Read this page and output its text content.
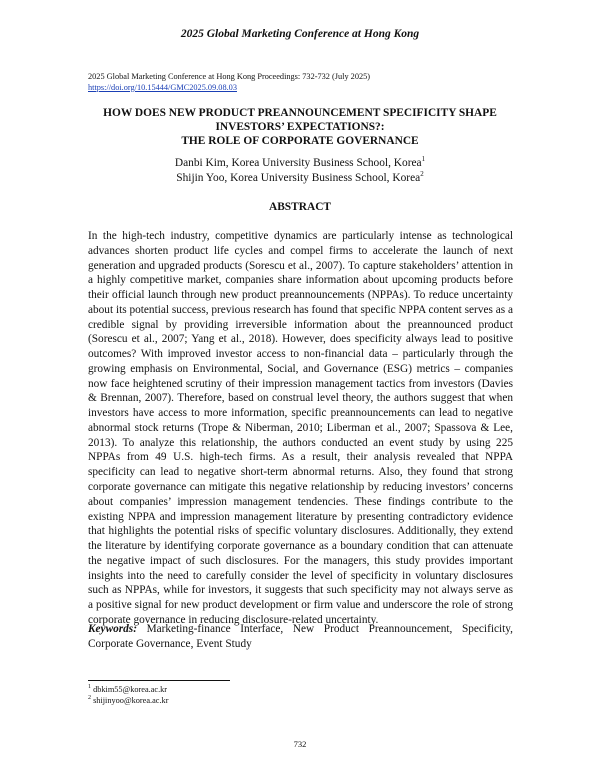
2025 Global Marketing Conference at Hong Kong
2025 Global Marketing Conference at Hong Kong Proceedings: 732-732 (July 2025)
https://doi.org/10.15444/GMC2025.09.08.03
HOW DOES NEW PRODUCT PREANNOUNCEMENT SPECIFICITY SHAPE
INVESTORS’ EXPECTATIONS?:
THE ROLE OF CORPORATE GOVERNANCE
Danbi Kim, Korea University Business School, Korea$^1$
Shijin Yoo, Korea University Business School, Korea$^2$
ABSTRACT

In the high-tech industry, competitive dynamics are particularly intense as technological advances shorten product life cycles and compel firms to accelerate the launch of next generation and upgraded products (Sorescu et al., 2007). To capture stakeholders’ attention in a highly competitive market, companies share information about upcoming products before their official launch through new product preannouncements (NPPAs). To reduce uncertainty about its potential success, previous research has found that specific NPPA content serves as a credible signal by providing irreversible information about the preannounced product (Sorescu et al., 2007; Yang et al., 2018). However, does specificity always lead to positive outcomes? With improved investor access to non-financial data – particularly through the growing emphasis on Environmental, Social, and Governance (ESG) metrics – companies now face heightened scrutiny of their impression management tactics from investors (Davies & Brennan, 2007). Therefore, based on construal level theory, the authors suggest that when investors have access to more information, specific preannouncements can lead to negative abnormal stock returns (Trope & Niberman, 2010; Liberman et al., 2007; Spassova & Lee, 2013). To analyze this relationship, the authors conducted an event study by using 225 NPPAs from 49 U.S. high-tech firms. As a result, their analysis revealed that NPPA specificity can lead to negative short-term abnormal returns. Also, they found that strong corporate governance can mitigate this negative relationship by reducing investors’ concerns about companies’ impression management tendencies. These findings contribute to the existing NPPA and impression management literature by presenting contradictory evidence that highlights the potential risks of specific voluntary disclosures. Additionally, they extend the literature by identifying corporate governance as a boundary condition that can attenuate the negative impact of such disclosures. For the managers, this study provides important insights into the need to carefully consider the level of specificity in voluntary disclosures such as NPPAs, while for investors, it suggests that such specificity may not always serve as a positive signal for new product development or firm value and underscore the role of strong corporate governance in reducing disclosure-related uncertainty.

Keywords: Marketing-finance Interface, New Product Preannouncement, Specificity, Corporate Governance, Event Study

$^1$ dbkim55@korea.ac.kr
$^2$ shijinyoo@korea.ac.kr
732
